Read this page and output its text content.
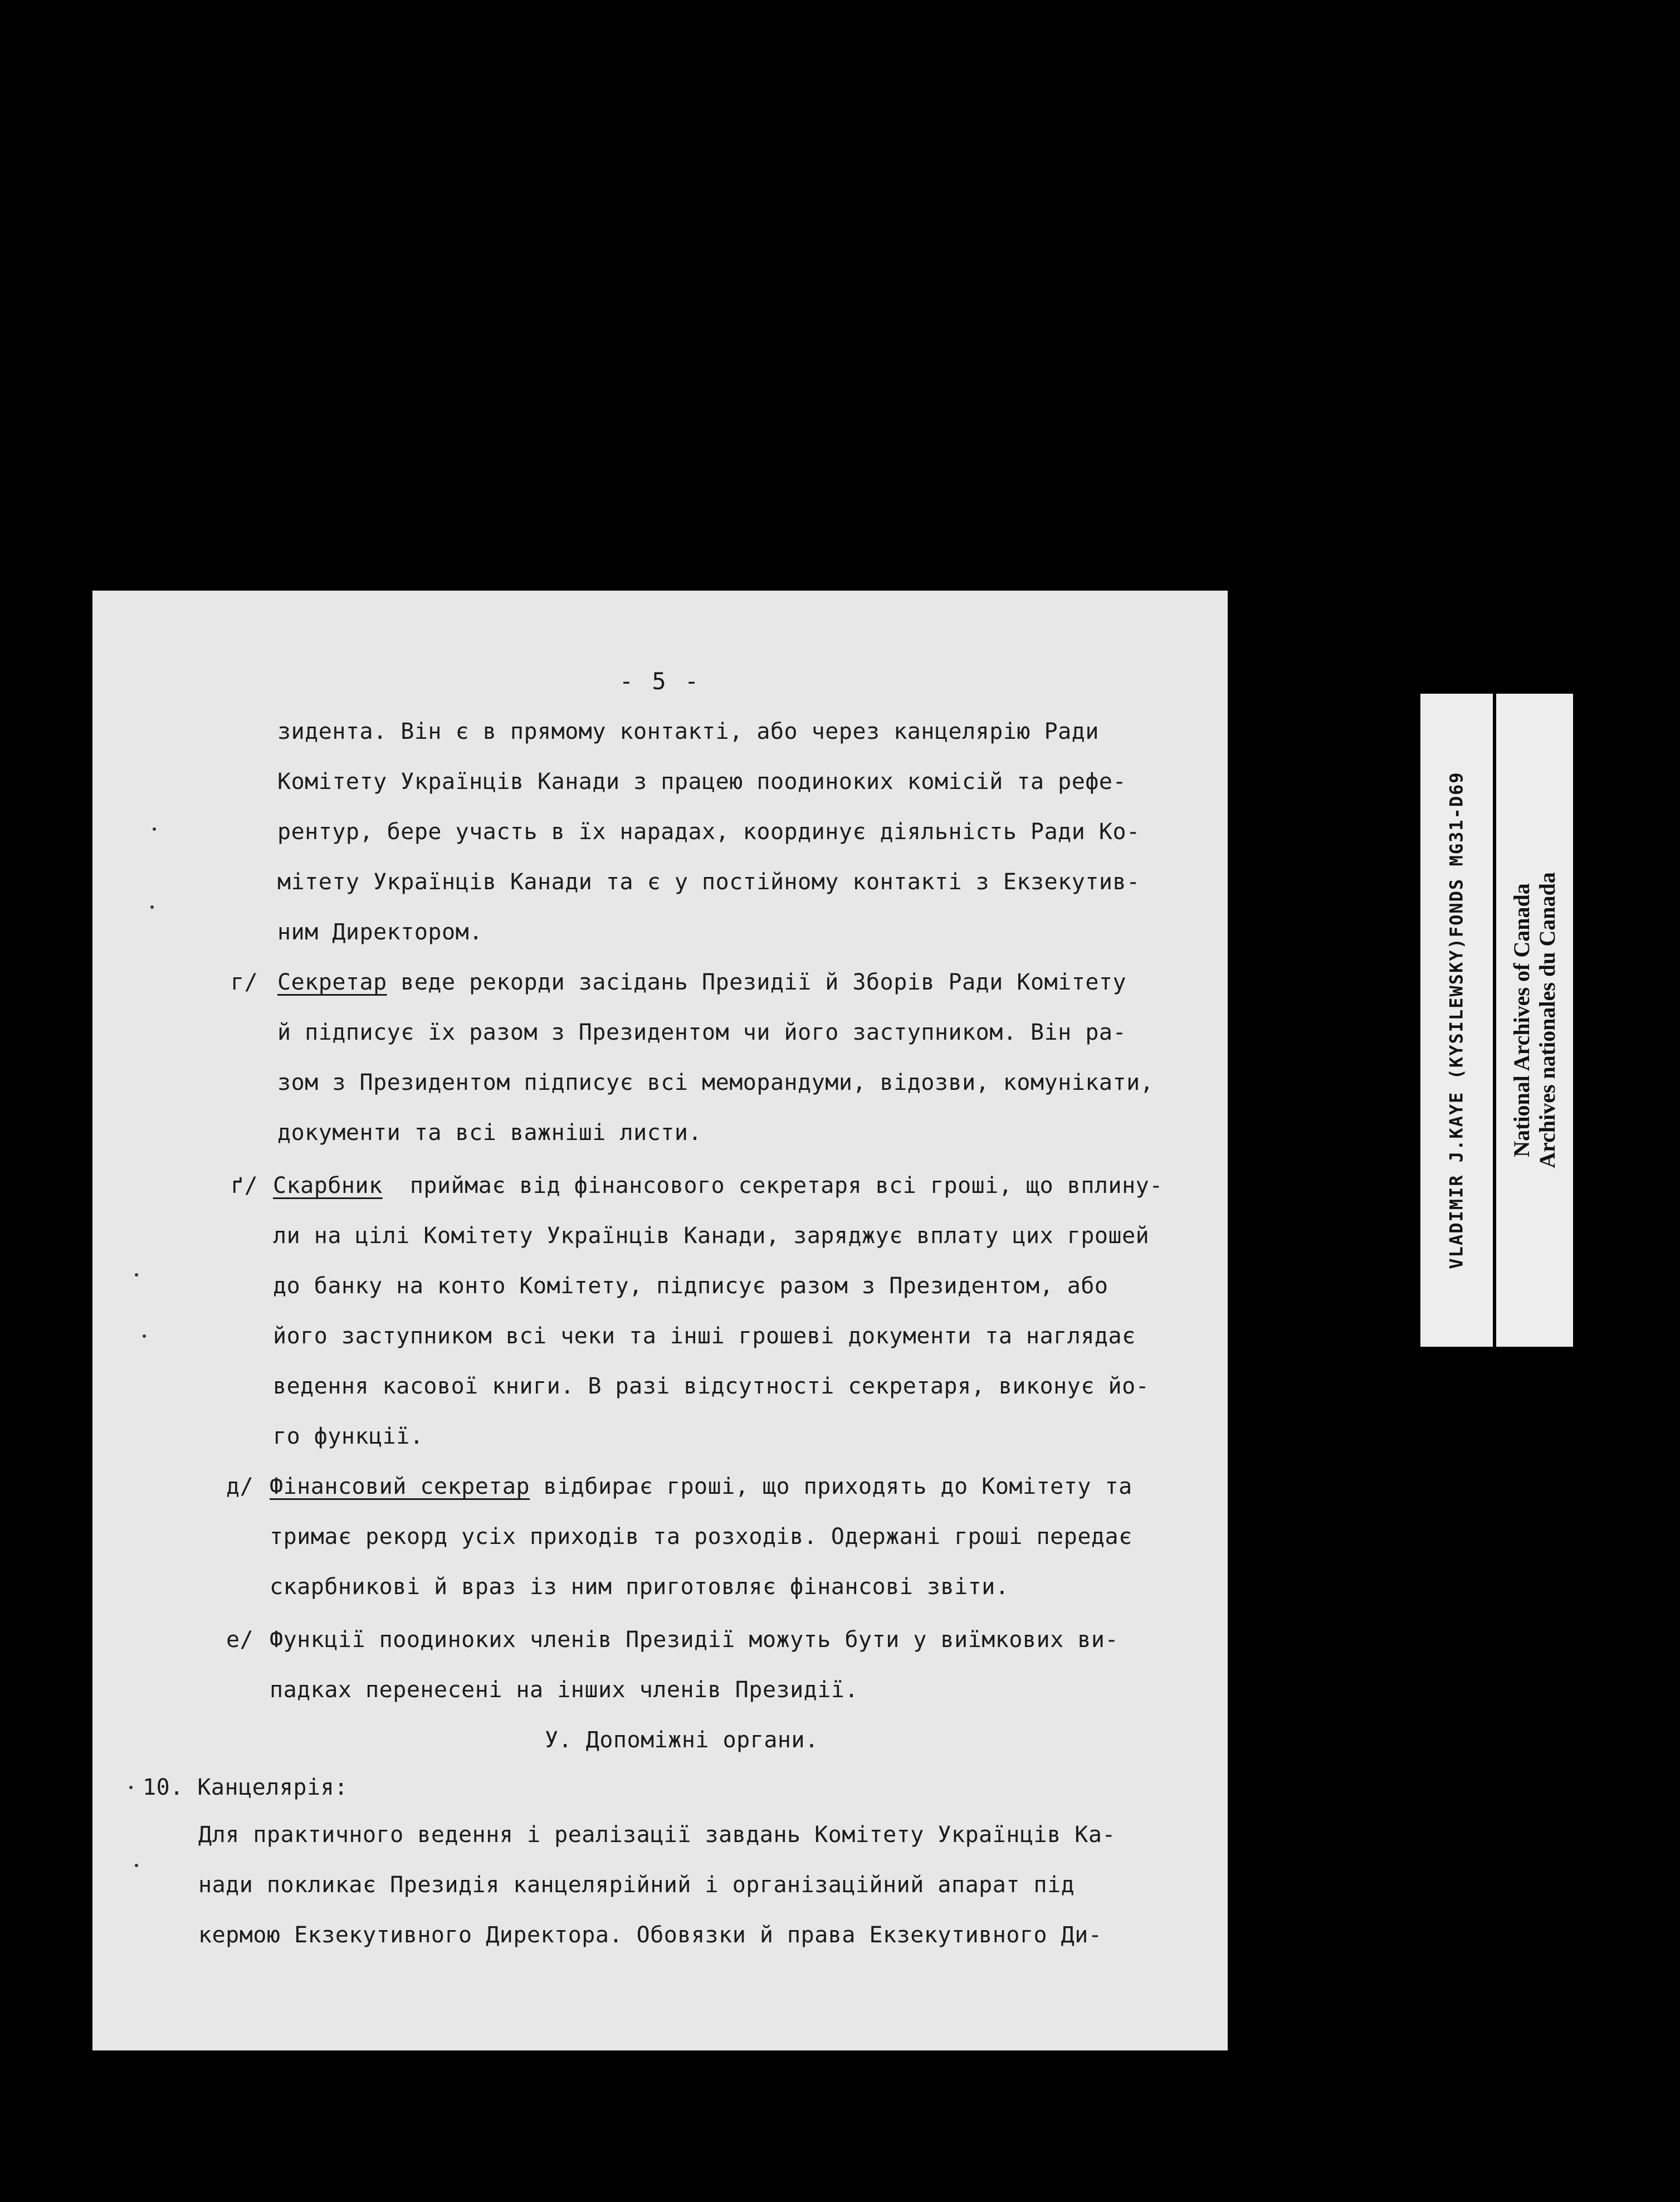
- 5 -
зидента. Він є в прямому контакті, або через канцелярію Ради
Комітету Українців Канади з працею поодиноких комісій та рефе-
рентур, бере участь в їх нарадах, координує діяльність Ради Ко-
мітету Українців Канади та є у постійному контакті з Екзекутив-
ним Директором.
г/ Секретар веде рекорди засідань Президії й Зборів Ради Комітету
й підписує їх разом з Президентом чи його заступником. Він ра-
зом з Президентом підписує всі меморандуми, відозви, комунікати,
документи та всі важніші листи.
ґ/ Скарбник  приймає від фінансового секретаря всі гроші, що вплину-
ли на цілі Комітету Українців Канади, заряджує вплату цих грошей
до банку на конто Комітету, підписує разом з Президентом, або
його заступником всі чеки та інші грошеві документи та наглядає
ведення касової книги. В разі відсутності секретаря, виконує йо-
го функції.
д/ Фінансовий секретар відбирає гроші, що приходять до Комітету та
тримає рекорд усіх приходів та розходів. Одержані гроші передає
скарбникові й враз із ним приготовляє фінансові звіти.
е/ Функції поодиноких членів Президії можуть бути у виїмкових ви-
падках перенесені на інших членів Президії.
У. Допоміжні органи.
10. Канцелярія:
Для практичного ведення і реалізації завдань Комітету Українців Ка-
нади покликає Президія канцелярійний і організаційний апарат під
кермою Екзекутивного Директора. Обовязки й права Екзекутивного Ди-
VLADIMIR J.KAYE (KYSILEWSKY)FONDS MG31-D69 National Archives of Canada Archives nationales du Canada
